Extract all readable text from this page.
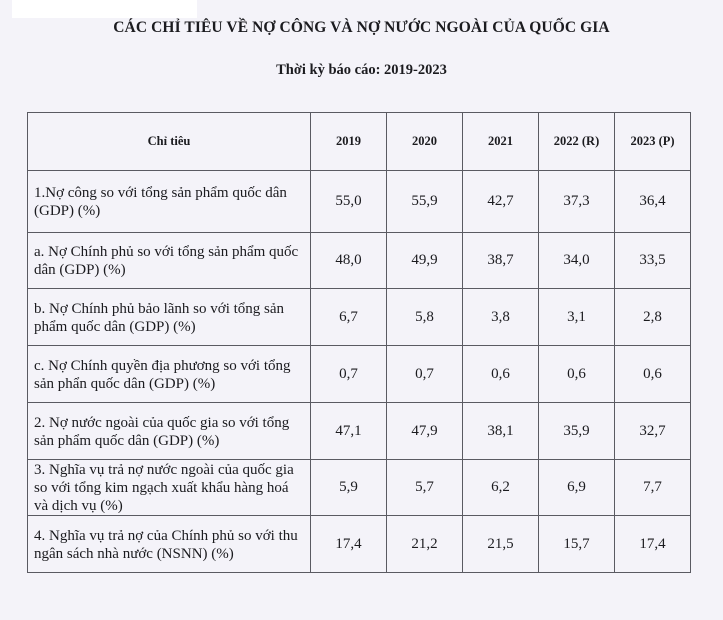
CÁC CHỈ TIÊU VỀ NỢ CÔNG VÀ NỢ NƯỚC NGOÀI CỦA QUỐC GIA
Thời kỳ báo cáo: 2019-2023
Chỉ tiêu	2019	2020	2021	2022 (R)	2023 (P)
1.Nợ công so với tổng sản phẩm quốc dân (GDP) (%)	55,0	55,9	42,7	37,3	36,4
a. Nợ Chính phủ so với tổng sản phẩm quốc dân (GDP) (%)	48,0	49,9	38,7	34,0	33,5
b. Nợ Chính phủ bảo lãnh so với tổng sản phẩm quốc dân (GDP) (%)	6,7	5,8	3,8	3,1	2,8
c. Nợ Chính quyền địa phương so với tổng sản phẩn quốc dân (GDP) (%)	0,7	0,7	0,6	0,6	0,6
2. Nợ nước ngoài của quốc gia so với tổng sản phẩm quốc dân (GDP) (%)	47,1	47,9	38,1	35,9	32,7
3. Nghĩa vụ trả nợ nước ngoài của quốc gia so với tổng kim ngạch xuất khẩu hàng hoá và dịch vụ (%)	5,9	5,7	6,2	6,9	7,7
4. Nghĩa vụ trả nợ của Chính phủ so với thu ngân sách nhà nước (NSNN) (%)	17,4	21,2	21,5	15,7	17,4
